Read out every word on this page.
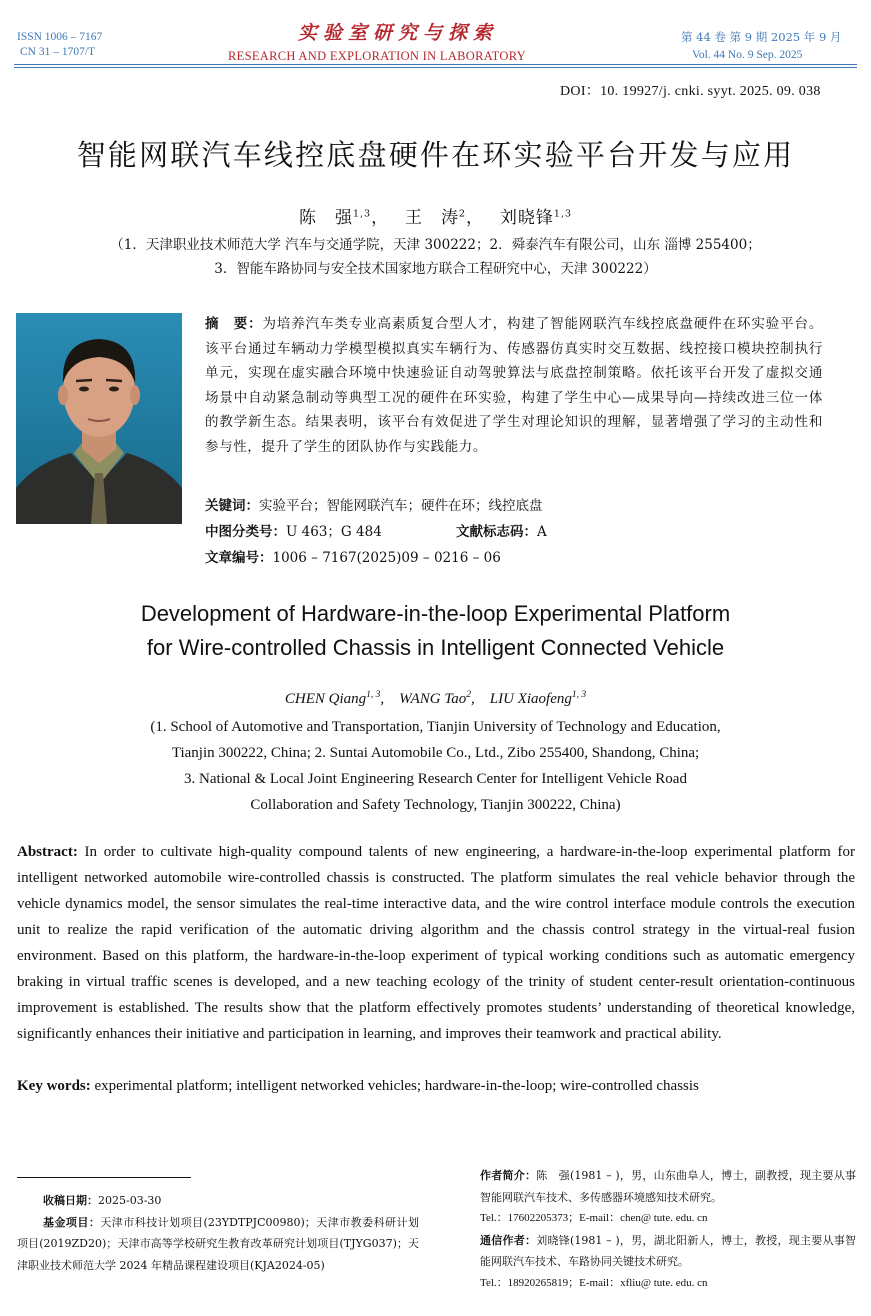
ISSN 1006 – 7167
CN 31 – 1707/T
实验室研究与探索
RESEARCH AND EXPLORATION IN LABORATORY
第 44 卷 第 9 期 2025 年 9 月
Vol. 44 No. 9 Sep. 2025
DOI：10. 19927/j. cnki. syyt. 2025. 09. 038
智能网联汽车线控底盘硬件在环实验平台开发与应用
陈　强$^{1,3}$，　 王　涛$^2$，　 刘晓锋$^{1,3}$
（1．天津职业技术师范大学 汽车与交通学院，天津 300222；2．舜泰汽车有限公司，山东 淄博 255400；
3．智能车路协同与安全技术国家地方联合工程研究中心，天津 300222）
摘　要：为培养汽车类专业高素质复合型人才，构建了智能网联汽车线控底盘硬件在环实验平台。该平台通过车辆动力学模型模拟真实车辆行为、传感器仿真实时交互数据、线控接口模块控制执行单元，实现在虚实融合环境中快速验证自动驾驶算法与底盘控制策略。依托该平台开发了虚拟交通场景中自动紧急制动等典型工况的硬件在环实验，构建了学生中心—成果导向—持续改进三位一体的教学新生态。结果表明，该平台有效促进了学生对理论知识的理解，显著增强了学习的主动性和参与性，提升了学生的团队协作与实践能力。
关键词：实验平台；智能网联汽车；硬件在环；线控底盘
中图分类号：U 463；G 484	文献标志码：A
文章编号：1006 – 7167(2025)09 – 0216 – 06
Development of Hardware-in-the-loop Experimental Platform
for Wire-controlled Chassis in Intelligent Connected Vehicle
CHEN Qiang$^{1, 3}$,    WANG Tao$^2$,    LIU Xiaofeng$^{1, 3}$
(1. School of Automotive and Transportation, Tianjin University of Technology and Education,
Tianjin 300222, China; 2. Suntai Automobile Co., Ltd., Zibo 255400, Shandong, China;
3. National & Local Joint Engineering Research Center for Intelligent Vehicle Road
Collaboration and Safety Technology, Tianjin 300222, China)
Abstract: In order to cultivate high-quality compound talents of new engineering, a hardware-in-the-loop experimental platform for intelligent networked automobile wire-controlled chassis is constructed. The platform simulates the real vehicle behavior through the vehicle dynamics model, the sensor simulates the real-time interactive data, and the wire control interface module controls the execution unit to realize the rapid verification of the automatic driving algorithm and the chassis control strategy in the virtual-real fusion environment. Based on this platform, the hardware-in-the-loop experiment of typical working conditions such as automatic emergency braking in virtual traffic scenes is developed, and a new teaching ecology of the trinity of student center-result orientation-continuous improvement is established. The results show that the platform effectively promotes students’ understanding of theoretical knowledge, significantly enhances their initiative and participation in learning, and improves their teamwork and practical ability.
Key words: experimental platform; intelligent networked vehicles; hardware-in-the-loop; wire-controlled chassis
收稿日期：2025-03-30
基金项目：天津市科技计划项目(23YDTPJC00980)；天津市教委科研计划项目(2019ZD20)；天津市高等学校研究生教育改革研究计划项目(TJYG037)；天津职业技术师范大学 2024 年精品课程建设项目(KJA2024-05)
作者简介：陈　强(1981 – )，男，山东曲阜人，博士，副教授，现主要从事智能网联汽车技术、多传感器环境感知技术研究。
Tel.：17602205373；E-mail：chen@ tute. edu. cn
通信作者：刘晓锋(1981 – )，男，湖北阳新人，博士，教授，现主要从事智能网联汽车技术、车路协同关键技术研究。
Tel.：18920265819；E-mail：xfliu@ tute. edu. cn
